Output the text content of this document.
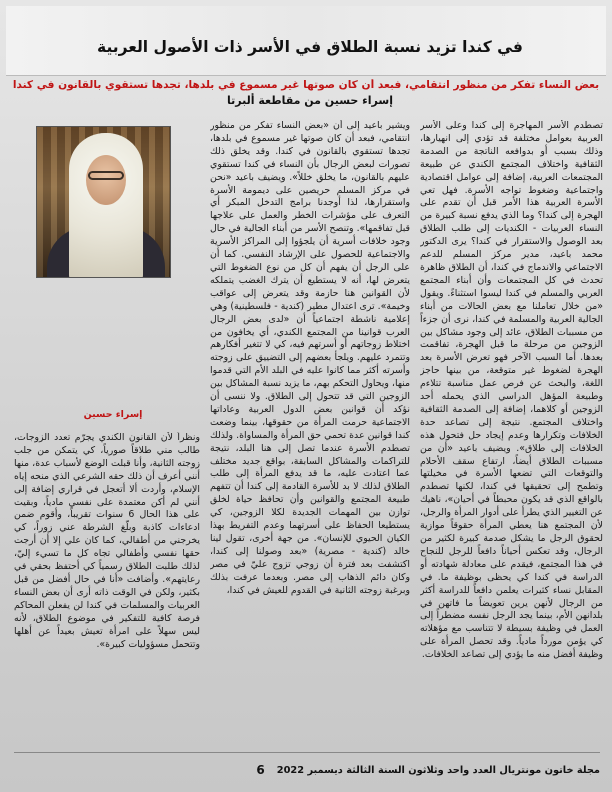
في كندا تزيد نسبة الطلاق في الأسر ذات الأصول العربية
بعض النساء تفكر من منظور انتقامي، فبعد أن كان صوتها غير مسموع في بلدها، تجدها تستقوي بالقانون في كندا
إسراء حسين من مقاطعة ألبرتا

تصطدم الأسر المهاجرة إلى كندا وعلى الأسر العربية بعوامل مختلفة قد تؤدي إلى انهيارها، وذلك بسبب أو بدوافعه الناتجة من الصدمة الثقافية واختلاف المجتمع الكندي عن طبيعة المجتمعات العربية، إضافة إلى عوامل اقتصادية واجتماعية وضغوط تواجه الأسرة. فهل تعي الأسرة العربية هذا الأمر قبل أن تقدم على الهجرة إلى كندا؟ وما الذي يدفع نسبة كبيرة من النساء العربيات - الكنديات إلى طلب الطلاق بعد الوصول والاستقرار في كندا؟ يرى الدكتور محمد باعيد، مدير مركز المسلم للدعم الاجتماعي والاندماج في كندا، أن الطلاق ظاهرة تحدث في كل المجتمعات وأن أبناء المجتمع العربي والمسلم في كندا ليسوا استثناءً. ويقول «من خلال تعاملنا مع بعض الحالات من أبناء الجالية العربية والمسلمة في كندا، نرى أن جزءاً من مسببات الطلاق، عائد إلى وجود مشاكل بين الزوجين من مرحلة ما قبل الهجرة، تفاقمت بعدها. أما السبب الآخر فهو تعرض الأسرة بعد الهجرة لضغوط غير متوقعة، من بينها حاجز اللغة، والبحث عن فرص عمل مناسبة تتلاءم وطبيعة المؤهل الدراسي الذي يحمله أحد الزوجين أو كلاهما، إضافة إلى الصدمة الثقافية واختلاف المجتمع. نتيجة إلى تصاعد حدة الخلافات وتكرارها وعدم إيجاد حل فتحول هذه الخلافات إلى طلاق». ويضيف باعيد «أن من مسببات الطلاق أيضاً، ارتفاع سقف الأحلام والتوقعات التي تضعها الأسرة في مخيلتها وتطمح إلى تحقيقها في كندا، لكنها تصطدم بالواقع الذي قد يكون محبطاً في أحيان»، ناهيك عن التغيير الذي يطرأ على أدوار المرأة والرجل، لأن المجتمع هنا يعطي المرأة حقوقاً موازية لحقوق الرجل ما يشكل صدمة كبيرة لكثير من الرجال، وقد تعكس أحياناً دافعاً للرجل للنجاح في هذا المجتمع، فيقدم على معادلة شهادته أو الدراسة في كندا كي يحظى بوظيفة ما. في المقابل نساء كثيرات يعلمن دافعاً للدراسة أكثر من الرجال لأنهن يرين تعويضاً ما فاتهن في بلدانهن الأم، بينما يجد الرجل نفسه مضطراً إلى العمل في وظيفة بسيطة لا تتناسب مع مؤهلاته كي يؤمن مورداً مادياً. وقد تحصل المرأة على وظيفة أفضل منه ما يؤدي إلى تصاعد الخلافات.

ويشير باعيد إلى أن «بعض النساء تفكر من منظور انتقامي، فبعد أن كان صوتها غير مسموع في بلدها، تجدها تستقوي بالقانون في كندا. وقد يخلق ذلك تصورات لبعض الرجال بأن النساء في كندا تستقوي عليهم بالقانون، ما يخلق خللاً». ويضيف باعيد «نحن في مركز المسلم حريصين على ديمومة الأسرة واستقرارها، لذا أوجدنا برامج التدخل المبكر أي التعرف على مؤشرات الخطر والعمل على علاجها قبل تفاقمها». وتنصح الأسر من أبناء الجالية في حال وجود خلافات أسرية أن يلجؤوا إلى المراكز الأسرية والاجتماعية للحصول على الإرشاد النفسي. كما أن على الرجل أن يفهم أن كل من نوع الضغوط التي يتعرض لها، أنه لا يستطيع أن يترك الغضب يتملكه لأن القوانين هنا حازمة وقد يتعرض إلى عواقب وخيمة». ترى اعتدال مطير (كندية - فلسطينية) وهي إعلامية ناشطة اجتماعياً أن «لدى بعض الرجال العرب قوانينا من المجتمع الكندي، أي يخافون من اختلاط زوجاتهم أو أسرتهم فيه، كي لا تتغير أفكارهم وتتمرد عليهم. ويلجأ بعضهم إلى التضييق على زوجته وأسرته أكثر مما كانوا عليه في البلد الأم التي قدموا منها، ويحاول التحكم بهم، ما يزيد نسبة المشاكل بين الزوجين التي قد تتحول إلى الطلاق. ولا ننسى أن نؤكد أن قوانين بعض الدول العربية وعاداتها الاجتماعية حرمت المرأة من حقوقها، بينما وضعت كندا قوانين عدة تحمي حق المرأة والمساواة. ولذلك تصطدم الأسرة عندما تصل إلى هنا البلد، نتيجة للتراكمات والمشاكل السابقة، بواقع جديد مختلف عما اعتادت عليه، ما قد يدفع المرأة إلى طلب الطلاق لذلك لا بد للأسرة القادمة إلى كندا أن تتفهم طبيعة المجتمع والقوانين وأن تحافظ حياة لخلق توازن بين المهمات الجديدة لكلا الزوجين، كي يستطيعا الحفاظ على أسرتهما وعدم التفريط بهذا الكيان الحيوي للإنسان». من جهة أخرى، تقول لينا خالد (كندية - مصرية) «بعد وصولنا إلى كندا، اكتشفت بعد فترة أن زوجي تزوج عليّ في مصر وكان دائم الذهاب إلى مصر. وبعدما عرفت بذلك وبرغبة زوجته الثانية في القدوم للعيش في كندا،

إسراء حسين

ونظراً لأن القانون الكندي يجرّم تعدد الزوجات، طالب مني طلاقاً صورياً، كي يتمكن من جلب زوجته الثانية، وأنا قبلت الوضع لأسباب عدة، منها أنني أعرف أن ذلك حقه الشرعي الذي منحه إياه الإسلام، وأردت ألا أتعجل في قراري إضافة إلى أنني لم أكن معتمدة على نفسي مادياً، وبقيت على هذا الحال 6 سنوات تقريباً، وأقوم ضمن ادعاءات كاذبة وبلّغ الشرطة عني زوراً، كي يخرجني من أطفالي، كما كان علي إلا أن أرجت حقها نفسي وأطفالي تجاه كل ما تسيء إليّ، لذلك طلبت الطلاق رسمياً كي أحتفظ بحقي في رعايتهم». وأضافت «أنا في حال أفضل من قبل بكثير، ولكن في الوقت ذاته أرى أن بعض النساء العربيات والمسلمات في كندا لن يفعلن المحاكم فرصة كافية للتفكير في موضوع الطلاق، لأنه ليس سهلاً على امرأة تعيش بعيداً عن أهلها وتتحمل مسؤوليات كبيرة».

مجلة خاتون مونتريال العدد واحد وثلاثون السنة الثالثة ديسمبر 2022
6
